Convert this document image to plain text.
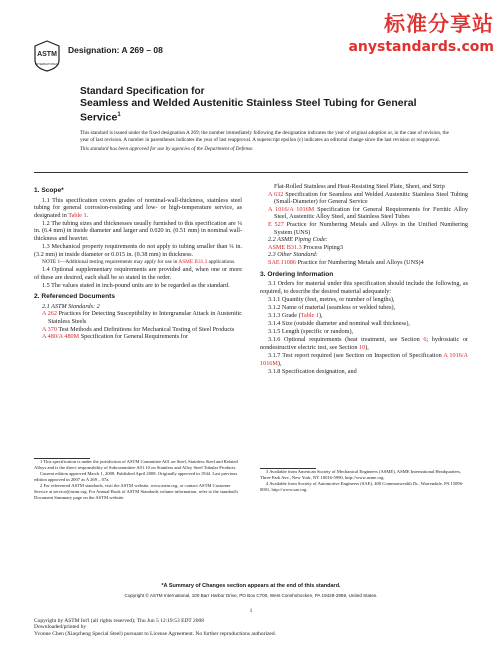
ASTM
INTERNATIONAL
Designation: A 269 – 08
标准分享站
anystandards.com
Standard Specification for
Seamless and Welded Austenitic Stainless Steel Tubing for General Service$^1$

This standard is issued under the fixed designation A 269; the number immediately following the designation indicates the year of original adoption or, in the case of revision, the year of last revision. A number in parentheses indicates the year of last reapproval. A superscript epsilon (ε) indicates an editorial change since the last revision or reapproval.

This standard has been approved for use by agencies of the Department of Defense.

1. Scope*

1.1 This specification covers grades of nominal-wall-thickness, stainless steel tubing for general corrosion-resisting and low- or high-temperature service, as designated in Table 1.

1.2 The tubing sizes and thicknesses usually furnished to this specification are ¼ in. (6.4 mm) in inside diameter and larger and 0.020 in. (0.51 mm) in nominal wall-thickness and heavier.

1.3 Mechanical property requirements do not apply to tubing smaller than ¼ in. (3.2 mm) in inside diameter or 0.015 in. (0.38 mm) in thickness.

NOTE 1—Additional testing requirements may apply for use in ASME B31.3 applications.

1.4 Optional supplementary requirements are provided and, when one or more of these are desired, each shall be so stated in the order.

1.5 The values stated in inch-pound units are to be regarded as the standard.

2. Referenced Documents

2.1 ASTM Standards: 2

A 262 Practices for Detecting Susceptibility to Intergranular Attack in Austenitic Stainless Steels

A 370 Test Methods and Definitions for Mechanical Testing of Steel Products

A 480/A 480M Specification for General Requirements for

Flat-Rolled Stainless and Heat-Resisting Steel Plate, Sheet, and Strip

A 632 Specification for Seamless and Welded Austenitic Stainless Steel Tubing (Small-Diameter) for General Service

A 1016/A 1016M Specification for General Requirements for Ferritic Alloy Steel, Austenitic Alloy Steel, and Stainless Steel Tubes

E 527 Practice for Numbering Metals and Alloys in the Unified Numbering System (UNS)

2.2 ASME Piping Code:

ASME B31.3 Process Piping3

2.3 Other Standard:

SAE J1086 Practice for Numbering Metals and Alloys (UNS)4

3. Ordering Information

3.1 Orders for material under this specification should include the following, as required, to describe the desired material adequately:

3.1.1 Quantity (feet, metres, or number of lengths),

3.1.2 Name of material (seamless or welded tubes),

3.1.3 Grade (Table 1),

3.1.4 Size (outside diameter and nominal wall thickness),

3.1.5 Length (specific or random),

3.1.6 Optional requirements (heat treatment, see Section 6; hydrostatic or nondestructive electric test, see Section 10),

3.1.7 Test report required (see Section on Inspection of Specification A 1016/A 1016M),

3.1.8 Specification designation, and

1 This specification is under the jurisdiction of ASTM Committee A01 on Steel, Stainless Steel and Related Alloys and is the direct responsibility of Subcommittee A01.10 on Stainless and Alloy Steel Tubular Products.

Current edition approved March 1, 2008. Published April 2008. Originally approved in 1944. Last previous edition approved in 2007 as A 269 – 07a.

2 For referenced ASTM standards, visit the ASTM website, www.astm.org, or contact ASTM Customer Service at service@astm.org. For Annual Book of ASTM Standards volume information, refer to the standard's Document Summary page on the ASTM website.

3 Available from American Society of Mechanical Engineers (ASME), ASME International Headquarters, Three Park Ave., New York, NY 10016-5990, http://www.asme.org.

4 Available from Society of Automotive Engineers (SAE), 400 Commonwealth Dr., Warrendale, PA 15096-0001, http://www.sae.org.

*A Summary of Changes section appears at the end of this standard.
Copyright © ASTM International, 100 Barr Harbor Drive, PO Box C700, West Conshohocken, PA 19428-2959, United States.
1
Copyright by ASTM Int'l (all rights reserved); Thu Jun 5 12:19:53 EDT 2008
Downloaded/printed by
Yvonne Chen (Xiaqcheng Special Steel) pursuant to License Agreement. No further reproductions authorized.
